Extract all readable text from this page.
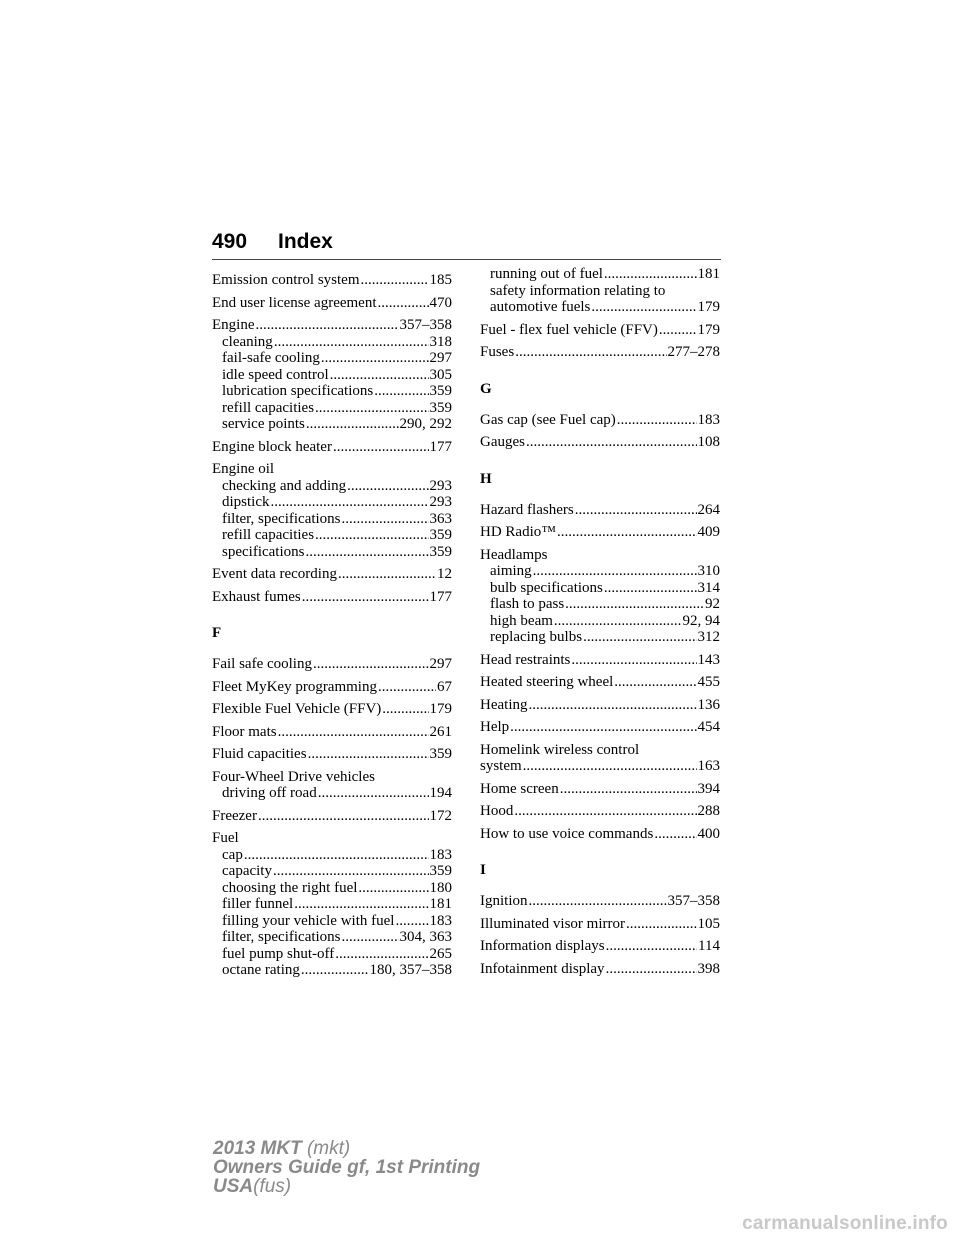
490 Index
Emission control system .....	185
End user license agreement .....	470
Engine .....	357–358
cleaning .....	318
fail-safe cooling .....	297
idle speed control .....	305
lubrication specifications .....	359
refill capacities .....	359
service points .....	290, 292
Engine block heater .....	177
Engine oil
checking and adding .....	293
dipstick .....	293
filter, specifications .....	363
refill capacities .....	359
specifications .....	359
Event data recording .....	12
Exhaust fumes .....	177
F
Fail safe cooling .....	297
Fleet MyKey programming .....	67
Flexible Fuel Vehicle (FFV) .....	179
Floor mats .....	261
Fluid capacities .....	359
Four-Wheel Drive vehicles
driving off road .....	194
Freezer .....	172
Fuel
cap .....	183
capacity .....	359
choosing the right fuel .....	180
filler funnel .....	181
filling your vehicle with fuel ..... 183
filter, specifications .....	304, 363
fuel pump shut-off .....	265
octane rating .....	180, 357–358
running out of fuel .....	181
safety information relating to
automotive fuels .....	179
Fuel - flex fuel vehicle (FFV) .....	179
Fuses .....	277–278
G
Gas cap (see Fuel cap) .....	183
Gauges .....	108
H
Hazard flashers .....	264
HD Radio™ .....	409
Headlamps
aiming .....	310
bulb specifications .....	314
flash to pass .....	92
high beam .....	92, 94
replacing bulbs .....	312
Head restraints .....	143
Heated steering wheel .....	455
Heating .....	136
Help .....	454
Homelink wireless control
system .....	163
Home screen .....	394
Hood .....	288
How to use voice commands .....	400
I
Ignition .....	357–358
Illuminated visor mirror .....	105
Information displays .....	114
Infotainment display .....	398
2013 MKT (mkt)
Owners Guide gf, 1st Printing
USA(fus)
carmanualsonline.info
